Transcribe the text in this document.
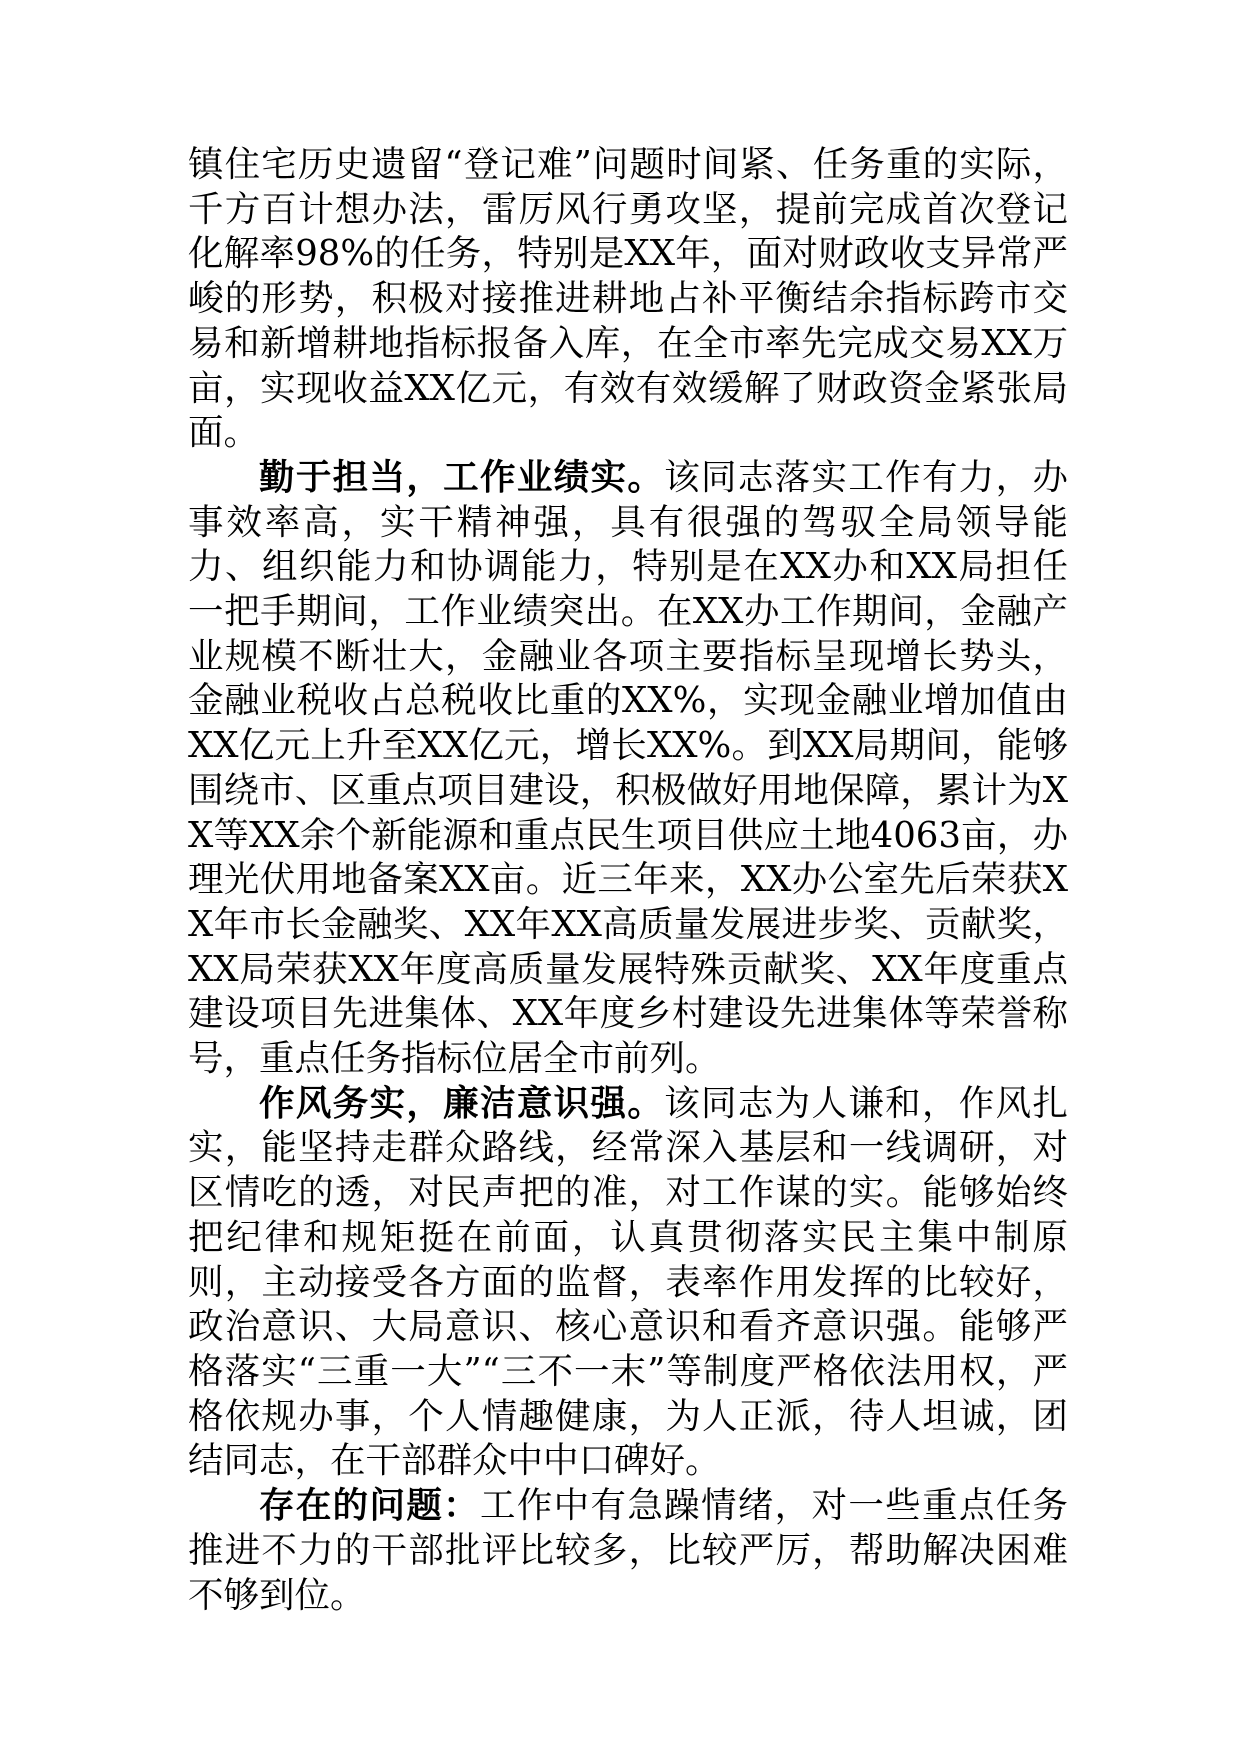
镇住宅历史遗留“登记难”问题时间紧、任务重的实际，千方百计想办法，雷厉风行勇攻坚，提前完成首次登记化解率98%的任务，特别是XX年，面对财政收支异常严峻的形势，积极对接推进耕地占补平衡结余指标跨市交易和新增耕地指标报备入库，在全市率先完成交易XX万亩，实现收益XX亿元，有效有效缓解了财政资金紧张局面。

勤于担当，工作业绩实。该同志落实工作有力，办事效率高，实干精神强，具有很强的驾驭全局领导能力、组织能力和协调能力，特别是在XX办和XX局担任一把手期间，工作业绩突出。在XX办工作期间，金融产业规模不断壮大，金融业各项主要指标呈现增长势头，金融业税收占总税收比重的XX%，实现金融业增加值由XX亿元上升至XX亿元，增长XX%。到XX局期间，能够围绕市、区重点项目建设，积极做好用地保障，累计为XX等XX余个新能源和重点民生项目供应土地4063亩，办理光伏用地备案XX亩。近三年来，XX办公室先后荣获XX年市长金融奖、XX年XX高质量发展进步奖、贡献奖，XX局荣获XX年度高质量发展特殊贡献奖、XX年度重点建设项目先进集体、XX年度乡村建设先进集体等荣誉称号，重点任务指标位居全市前列。

作风务实，廉洁意识强。该同志为人谦和，作风扎实，能坚持走群众路线，经常深入基层和一线调研，对区情吃的透，对民声把的准，对工作谋的实。能够始终把纪律和规矩挺在前面，认真贯彻落实民主集中制原则，主动接受各方面的监督，表率作用发挥的比较好，政治意识、大局意识、核心意识和看齐意识强。能够严格落实“三重一大”“三不一末”等制度严格依法用权，严格依规办事，个人情趣健康，为人正派，待人坦诚，团结同志，在干部群众中中口碑好。

存在的问题：工作中有急躁情绪，对一些重点任务推进不力的干部批评比较多，比较严厉，帮助解决困难不够到位。
